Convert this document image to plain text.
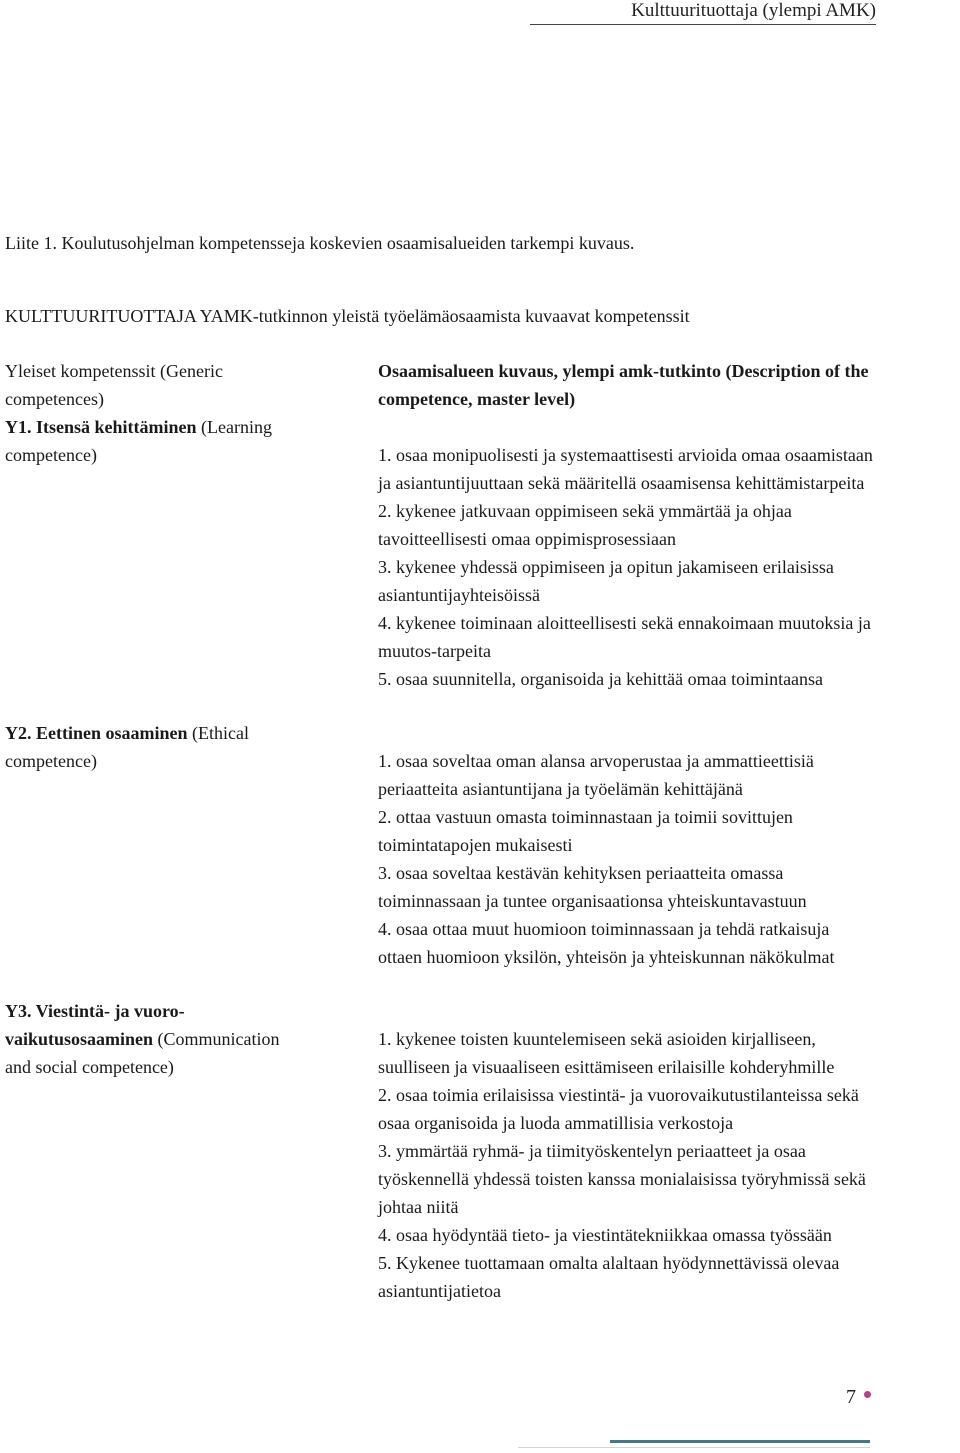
Kulttuurituottaja (ylempi AMK)
Liite 1. Koulutusohjelman kompetensseja koskevien osaamisalueiden tarkempi kuvaus.
KULTTUURITUOTTAJA YAMK-tutkinnon yleistä työelämäosaamista kuvaavat kompetenssit
Yleiset kompetenssit (Generic
competences)
Osaamisalueen kuvaus, ylempi amk-tutkinto (Description of the
competence, master level)
Y1. Itsensä kehittäminen (Learning
competence)	1. osaa monipuolisesti ja systemaattisesti arvioida omaa osaamistaan
ja asiantuntijuuttaan sekä määritellä osaamisensa kehittämistarpeita
2. kykenee jatkuvaan oppimiseen sekä ymmärtää ja ohjaa
tavoitteellisesti omaa oppimisprosessiaan
3. kykenee yhdessä oppimiseen ja opitun jakamiseen erilaisissa
asiantuntijayhteisöissä
4. kykenee toiminaan aloitteellisesti sekä ennakoimaan muutoksia ja
muutos-tarpeita
5. osaa suunnitella, organisoida ja kehittää omaa toimintaansa
Y2. Eettinen osaaminen (Ethical
competence)	1. osaa soveltaa oman alansa arvoperustaa ja ammattieettisiä
periaatteita asiantuntijana ja työelämän kehittäjänä
2. ottaa vastuun omasta toiminnastaan ja toimii sovittujen
toimintatapojen mukaisesti
3. osaa soveltaa kestävän kehityksen periaatteita omassa
toiminnassaan ja tuntee organisaationsa yhteiskuntavastuun
4. osaa ottaa muut huomioon toiminnassaan ja tehdä ratkaisuja
ottaen huomioon yksilön, yhteisön ja yhteiskunnan näkökulmat
Y3. Viestintä- ja vuoro-
vaikutusosaaminen (Communication
and social competence)
1. kykenee toisten kuuntelemiseen sekä asioiden kirjalliseen,
suulliseen ja visuaaliseen esittämiseen erilaisille kohderyhmille
2. osaa toimia erilaisissa viestintä- ja vuorovaikutustilanteissa sekä
osaa organisoida ja luoda ammatillisia verkostoja
3. ymmärtää ryhmä- ja tiimityöskentelyn periaatteet ja osaa
työskennellä yhdessä toisten kanssa monialaisissa työryhmissä sekä
johtaa niitä
4. osaa hyödyntää tieto- ja viestintätekniikkaa omassa työssään
5. Kykenee tuottamaan omalta alaltaan hyödynnettävissä olevaa
asiantuntijatietoa
7
